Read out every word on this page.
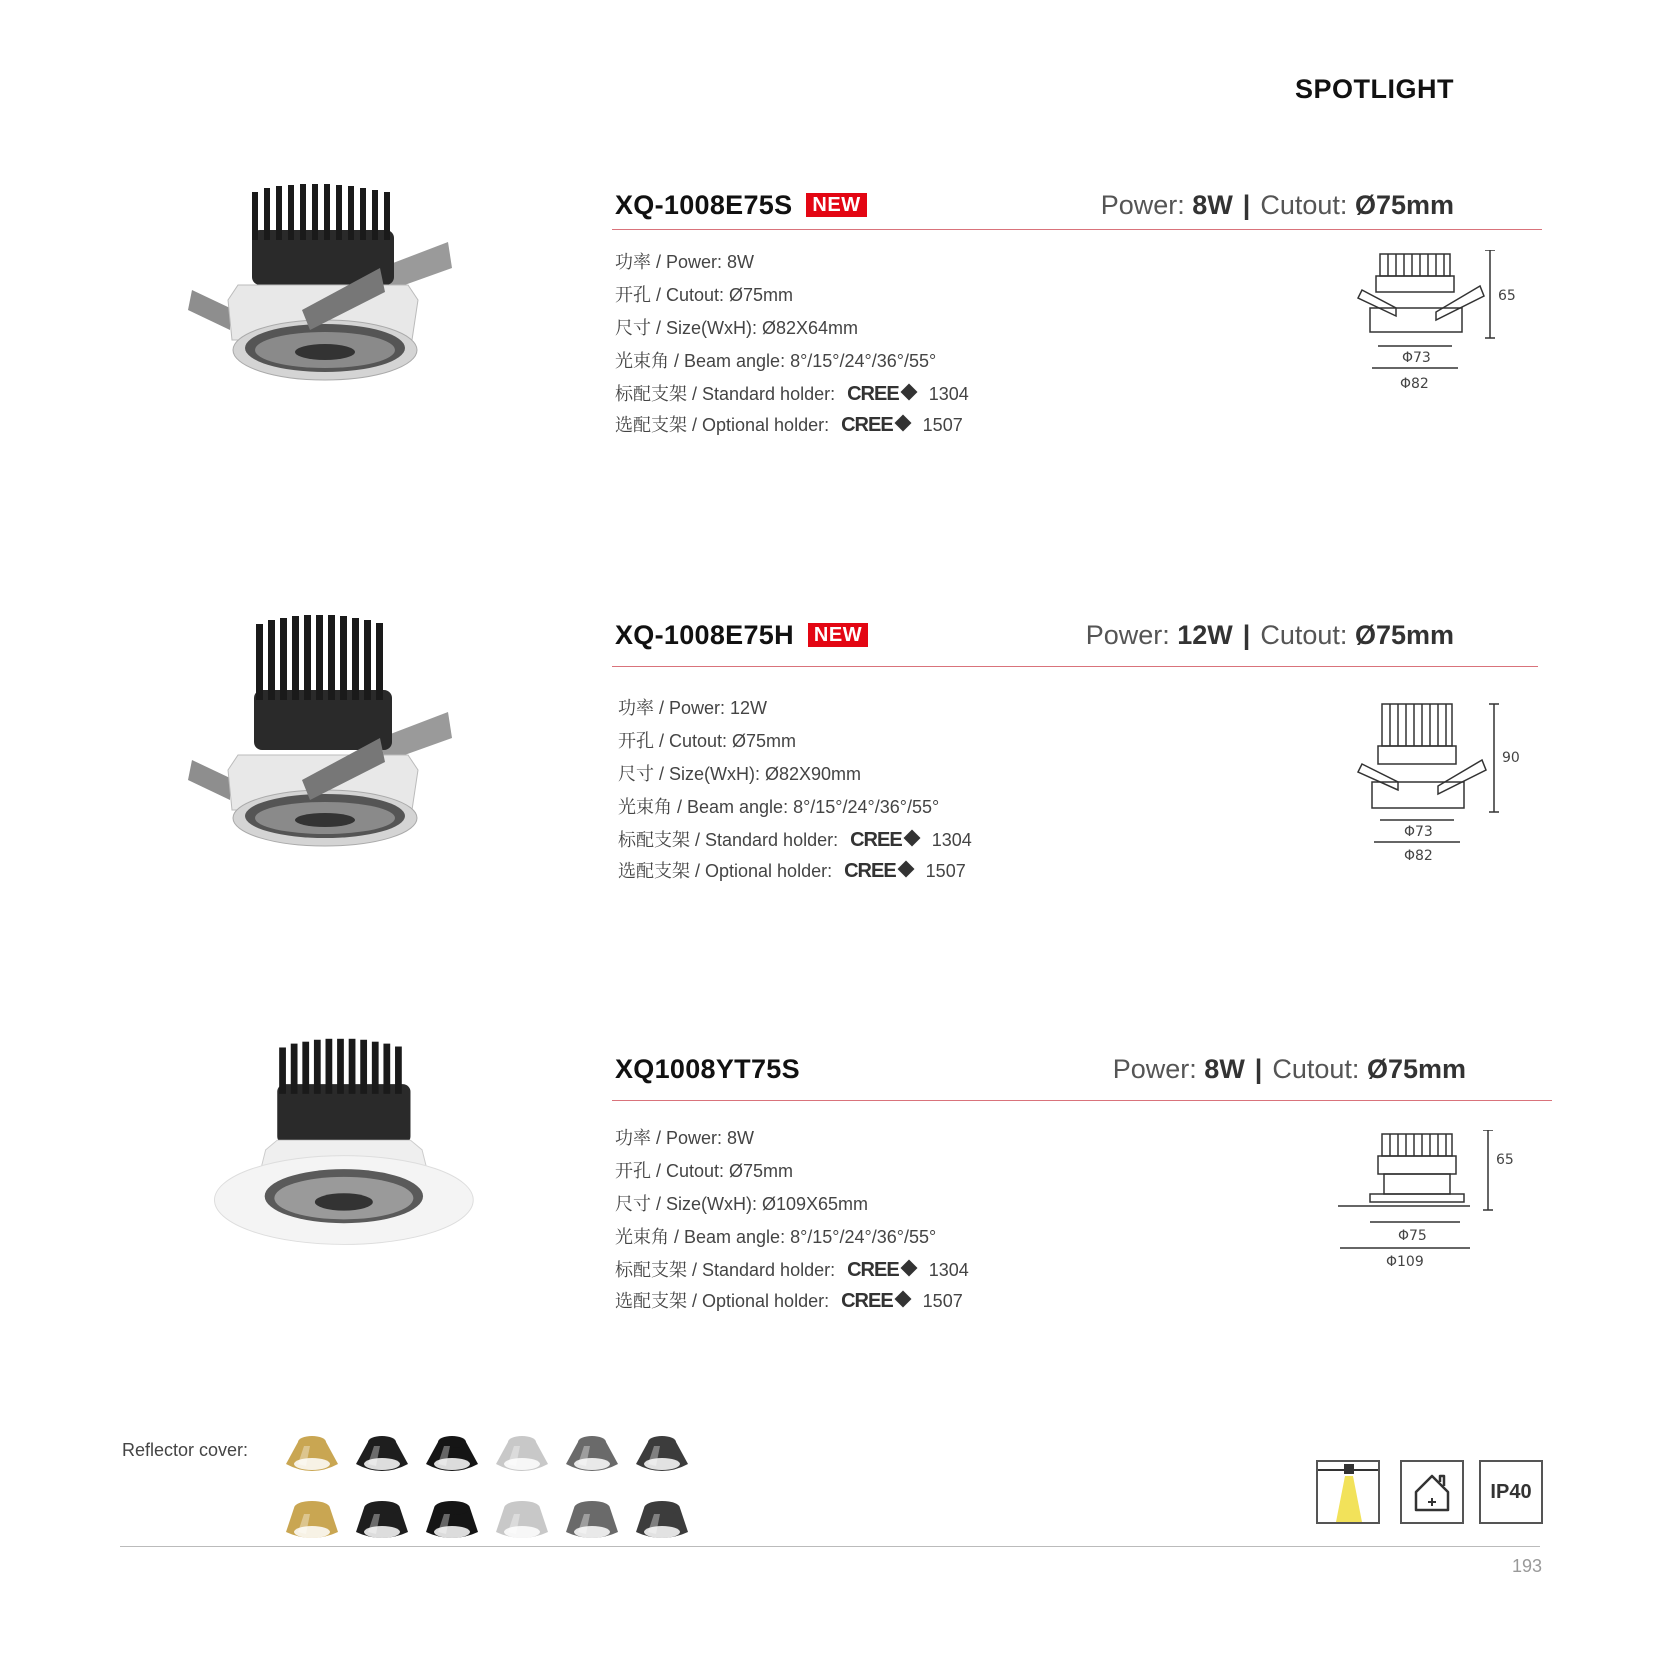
SPOTLIGHT
XQ-1008E75S NEW	Power: 8W | Cutout: Ø75mm
功率 / Power: 8W
开孔 / Cutout: Ø75mm
尺寸 / Size(WxH): Ø82X64mm
光束角 / Beam angle: 8°/15°/24°/36°/55°
标配支架 / Standard holder: CREE 1304
选配支架 / Optional holder: CREE 1507
65
Φ73
Φ82
XQ-1008E75H NEW	Power: 12W | Cutout: Ø75mm
功率 / Power: 12W
开孔 / Cutout: Ø75mm
尺寸 / Size(WxH): Ø82X90mm
光束角 / Beam angle: 8°/15°/24°/36°/55°
标配支架 / Standard holder: CREE 1304
选配支架 / Optional holder: CREE 1507
90
Φ73
Φ82
XQ1008YT75S	Power: 8W | Cutout: Ø75mm
功率 / Power: 8W
开孔 / Cutout: Ø75mm
尺寸 / Size(WxH): Ø109X65mm
光束角 / Beam angle: 8°/15°/24°/36°/55°
标配支架 / Standard holder: CREE 1304
选配支架 / Optional holder: CREE 1507
65
Φ75
Φ109
Reflector cover:
IP40
193
